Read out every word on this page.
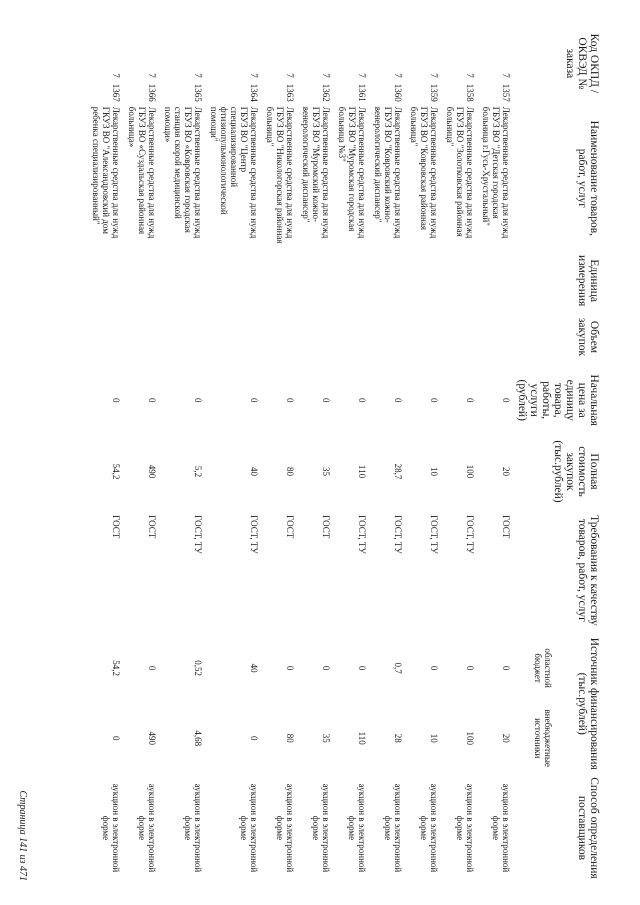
Код ОКПД / ОКВЭД № заказа	Наименование товаров, работ, услуг	Единица измерения	Объем закупок	Начальная цена за единицу товара, работы, услуги (рублей)	Полная стоимость закупок (тыс.рублей)	Требования к качеству товаров, работ, услуг	Источник финансирования (тыс.рублей)		Способ определения поставщиков
							областной бюджет	внебюджетные источники	
71357	Лекарственные средства для нужд ГБУЗ ВО "Детская городская больница г.Гусь-Хрустальный"			0	20	ГОСТ	0	20	аукцион в электронной форме
71358	Лекарственные средства для нужд ГБУЗ ВО "Золотковская районная больница"			0	100	ГОСТ, ТУ	0	100	аукцион в электронной форме
71359	Лекарственные средства для нужд ГБУЗ ВО "Ковровская районная больница"			0	10	ГОСТ, ТУ	0	10	аукцион в электронной форме
71360	Лекарственные средства для нужд ГБУЗ ВО "Ковровский кожно-венерологический диспансер"			0	28,7	ГОСТ, ТУ	0,7	28	аукцион в электронной форме
71361	Лекарственные средства для нужд ГБУЗ ВО "Муромская городская больница №3"			0	110	ГОСТ, ТУ	0	110	аукцион в электронной форме
71362	Лекарственные средства для нужд ГБУЗ ВО "Муромский кожно-венерологический диспансер"			0	35	ГОСТ	0	35	аукцион в электронной форме
71363	Лекарственные средства для нужд ГБУЗ ВО "Никологорская районная больница"			0	80	ГОСТ	0	80	аукцион в электронной форме
71364	Лекарственные средства для нужд ГБУЗ ВО "Центр специализированной фтизиопульмонологической помощи"			0	40	ГОСТ, ТУ	40	0	аукцион в электронной форме
71365	Лекарственные средства для нужд ГБУЗ ВО «Ковровская городская станция скорой медицинской помощи»			0	5,2	ГОСТ, ТУ	0,52	4,68	аукцион в электронной форме
71366	Лекарственные средства для нужд ГБУЗ ВО «Суздальская районная больница»			0	490	ГОСТ	0	490	аукцион в электронной форме
71367	Лекарственные средства для нужд ГКУЗ ВО "Александровский дом ребенка специализированный"			0	54,2	ГОСТ	54,2	0	аукцион в электронной форме
Страница 141 из 471
